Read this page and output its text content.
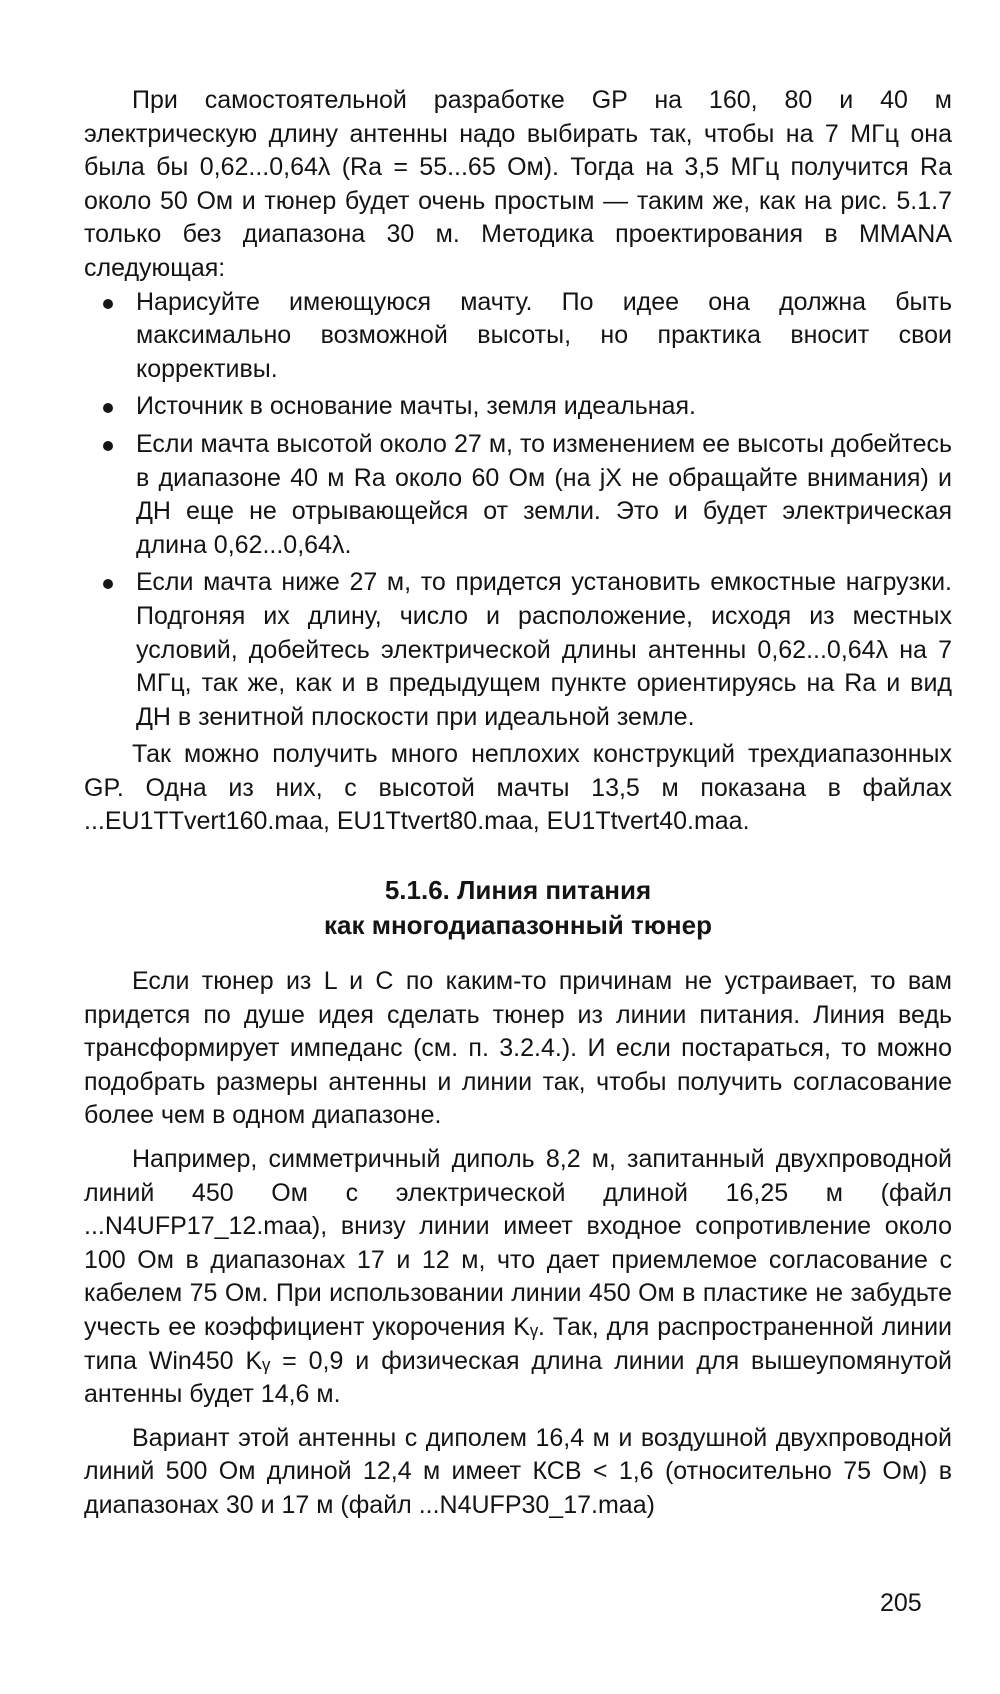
При самостоятельной разработке GP на 160, 80 и 40 м электрическую длину антенны надо выбирать так, чтобы на 7 МГц она была бы 0,62...0,64λ (Ra = 55...65 Ом). Тогда на 3,5 МГц получится Ra около 50 Ом и тюнер будет очень простым — таким же, как на рис. 5.1.7 только без диапазона 30 м. Методика проектирования в MMANA следующая:

Нарисуйте имеющуюся мачту. По идее она должна быть максимально возможной высоты, но практика вносит свои коррективы.
Источник в основание мачты, земля идеальная.
Если мачта высотой около 27 м, то изменением ее высоты добейтесь в диапазоне 40 м Ra около 60 Ом (на jX не обращайте внимания) и ДН еще не отрывающейся от земли. Это и будет электрическая длина 0,62...0,64λ.
Если мачта ниже 27 м, то придется установить емкостные нагрузки. Подгоняя их длину, число и расположение, исходя из местных условий, добейтесь электрической длины антенны 0,62...0,64λ на 7 МГц, так же, как и в предыдущем пункте ориентируясь на Ra и вид ДН в зенитной плоскости при идеальной земле.

Так можно получить много неплохих конструкций трехдиапазонных GP. Одна из них, с высотой мачты 13,5 м показана в файлах ...EU1TTvert160.maa, EU1Ttvert80.maa, EU1Ttvert40.maa.

5.1.6. Линия питания
как многодиапазонный тюнер

Если тюнер из L и C по каким-то причинам не устраивает, то вам придется по душе идея сделать тюнер из линии питания. Линия ведь трансформирует импеданс (см. п. 3.2.4.). И если постараться, то можно подобрать размеры антенны и линии так, чтобы получить согласование более чем в одном диапазоне.

Например, симметричный диполь 8,2 м, запитанный двухпроводной линий 450 Ом с электрической длиной 16,25 м (файл ...N4UFP17_12.maa), внизу линии имеет входное сопротивление около 100 Ом в диапазонах 17 и 12 м, что дает приемлемое согласование с кабелем 75 Ом. При использовании линии 450 Ом в пластике не забудьте учесть ее коэффициент укорочения Kᵧ. Так, для распространенной линии типа Win450 Kᵧ = 0,9 и физическая длина линии для вышеупомянутой антенны будет 14,6 м.

Вариант этой антенны с диполем 16,4 м и воздушной двухпроводной линий 500 Ом длиной 12,4 м имеет КСВ < 1,6 (относительно 75 Ом) в диапазонах 30 и 17 м (файл ...N4UFP30_17.maa)

205
